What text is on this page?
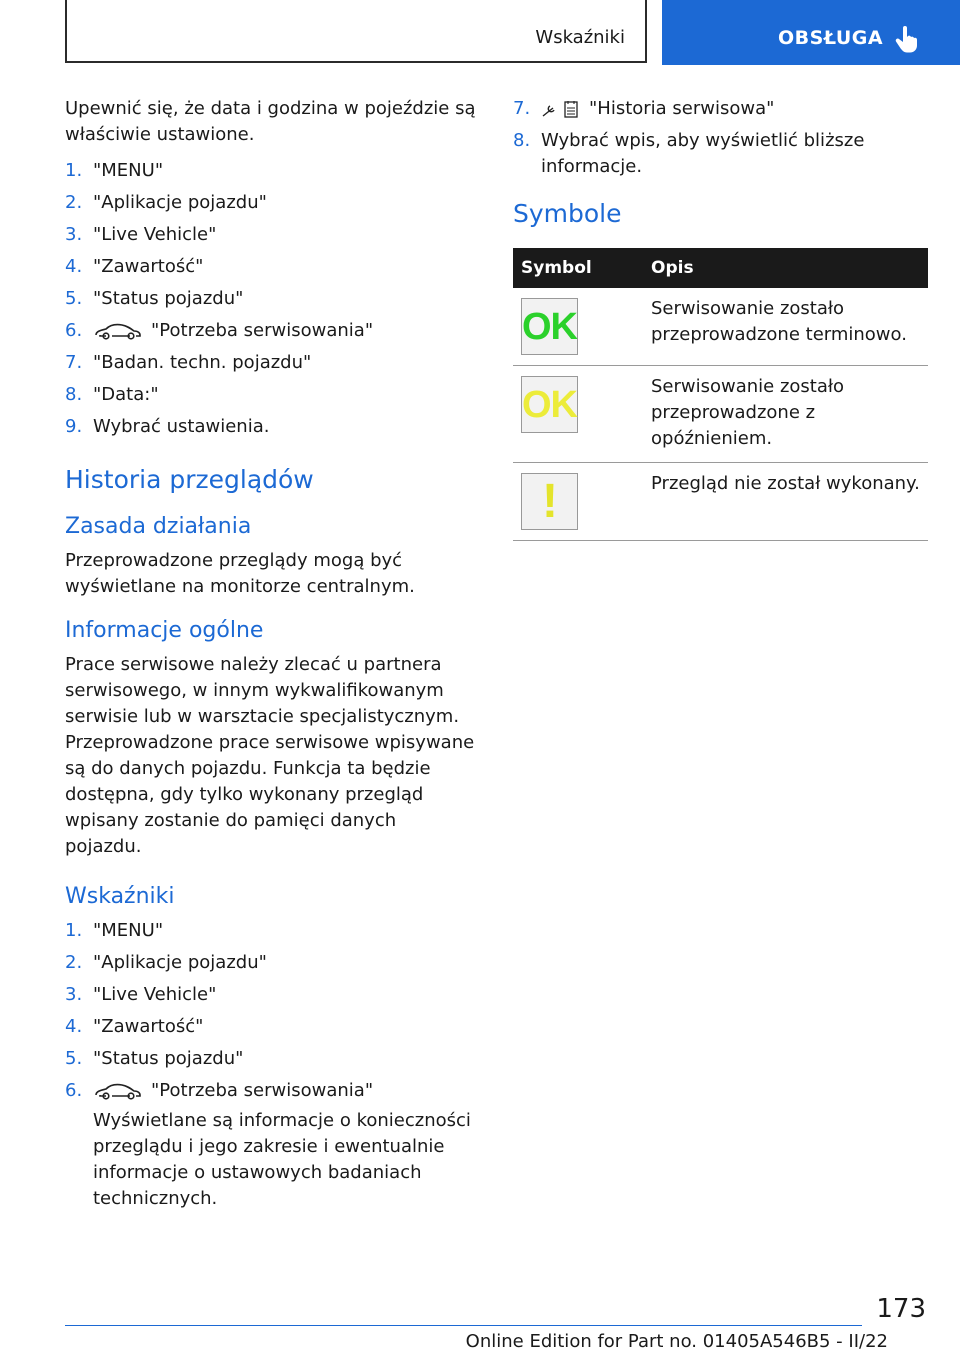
Wskaźniki	OBSŁUGA

Upewnić się, że data i godzina w pojeździe są właściwie ustawione.

1. "MENU"
2. "Aplikacje pojazdu"
3. "Live Vehicle"
4. "Zawartość"
5. "Status pojazdu"
6.	"Potrzeba serwisowania"
7. "Badan. techn. pojazdu"
8. "Data:"
9. Wybrać ustawienia.
Historia przeglądów
Zasada działania

Przeprowadzone przeglądy mogą być wyświetlane na monitorze centralnym.

Informacje ogólne

Prace serwisowe należy zlecać u partnera serwisowego, w innym wykwalifikowanym serwisie lub w warsztacie specjalistycznym. Przeprowadzone prace serwisowe wpisywane są do danych pojazdu. Funkcja ta będzie dostępna, gdy tylko wykonany przegląd wpisany zostanie do pamięci danych pojazdu.

Wskaźniki
1. "MENU"
2. "Aplikacje pojazdu"
3. "Live Vehicle"
4. "Zawartość"
5. "Status pojazdu"
6.	"Potrzeba serwisowania"
Wyświetlane są informacje o konieczności przeglądu i jego zakresie i ewentualnie informacje o ustawowych badaniach technicznych.
7.	"Historia serwisowa"
8. Wybrać wpis, aby wyświetlić bliższe informacje.
Symbole
Symbol	Opis

OK	Serwisowanie zostało przeprowadzone terminowo.

OK	Serwisowanie zostało przeprowadzone z opóźnieniem.

!	Przegląd nie został wykonany.
173
Online Edition for Part no. 01405A546B5 - II/22
